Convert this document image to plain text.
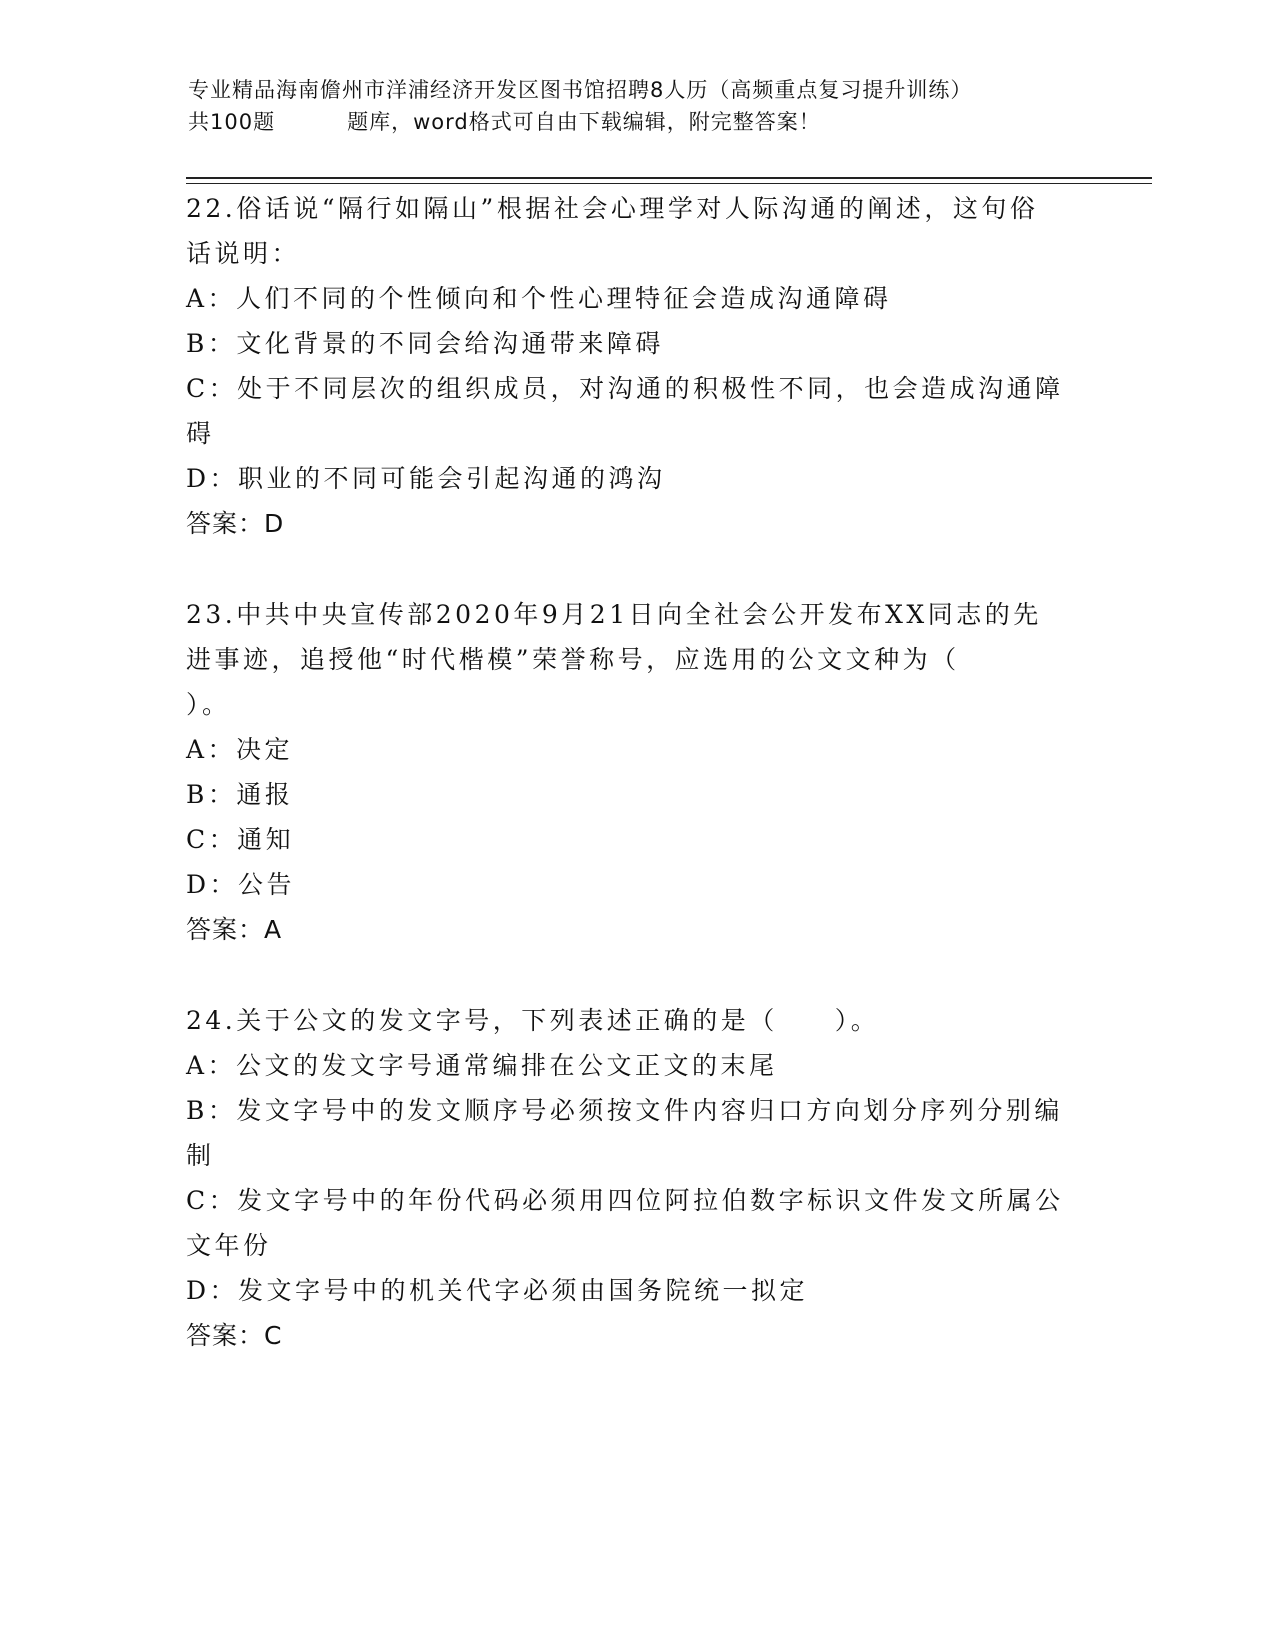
专业精品海南儋州市洋浦经济开发区图书馆招聘8人历（高频重点复习提升训练）
共100题	题库，word格式可自由下载编辑，附完整答案！
22.俗话说“隔行如隔山”根据社会心理学对人际沟通的阐述，这句俗
话说明：
A：人们不同的个性倾向和个性心理特征会造成沟通障碍
B：文化背景的不同会给沟通带来障碍
C：处于不同层次的组织成员，对沟通的积极性不同，也会造成沟通障
碍
D：职业的不同可能会引起沟通的鸿沟
答案：D
23.中共中央宣传部2020年9月21日向全社会公开发布XX同志的先
进事迹，追授他“时代楷模”荣誉称号，应选用的公文文种为（
）。
A：决定
B：通报
C：通知
D：公告
答案：A
24.关于公文的发文字号，下列表述正确的是（　　）。
A：公文的发文字号通常编排在公文正文的末尾
B：发文字号中的发文顺序号必须按文件内容归口方向划分序列分别编
制
C：发文字号中的年份代码必须用四位阿拉伯数字标识文件发文所属公
文年份
D：发文字号中的机关代字必须由国务院统一拟定
答案：C
